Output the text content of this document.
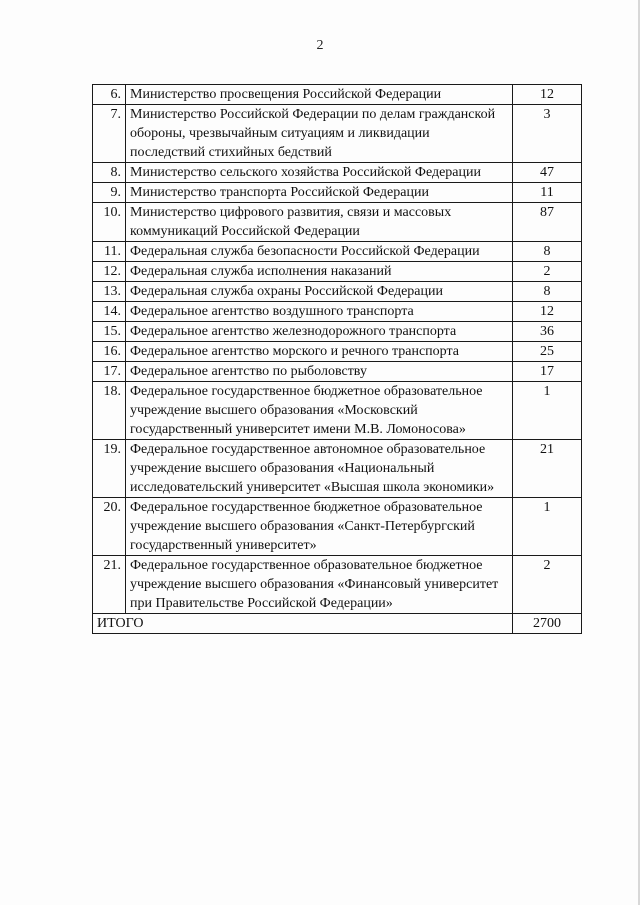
2
6.	Министерство просвещения Российской Федерации	12
7.	Министерство Российской Федерации по делам гражданской обороны, чрезвычайным ситуациям и ликвидации последствий стихийных бедствий	3
8.	Министерство сельского хозяйства Российской Федерации	47
9.	Министерство транспорта Российской Федерации	11
10.	Министерство цифрового развития, связи и массовых коммуникаций Российской Федерации	87
11.	Федеральная служба безопасности Российской Федерации	8
12.	Федеральная служба исполнения наказаний	2
13.	Федеральная служба охраны Российской Федерации	8
14.	Федеральное агентство воздушного транспорта	12
15.	Федеральное агентство железнодорожного транспорта	36
16.	Федеральное агентство морского и речного транспорта	25
17.	Федеральное агентство по рыболовству	17
18.	Федеральное государственное бюджетное образовательное учреждение высшего образования «Московский государственный университет имени М.В. Ломоносова»	1
19.	Федеральное государственное автономное образовательное учреждение высшего образования «Национальный исследовательский университет «Высшая школа экономики»	21
20.	Федеральное государственное бюджетное образовательное учреждение высшего образования «Санкт-Петербургский государственный университет»	1
21.	Федеральное государственное образовательное бюджетное учреждение высшего образования «Финансовый университет при Правительстве Российской Федерации»	2
ИТОГО		2700
